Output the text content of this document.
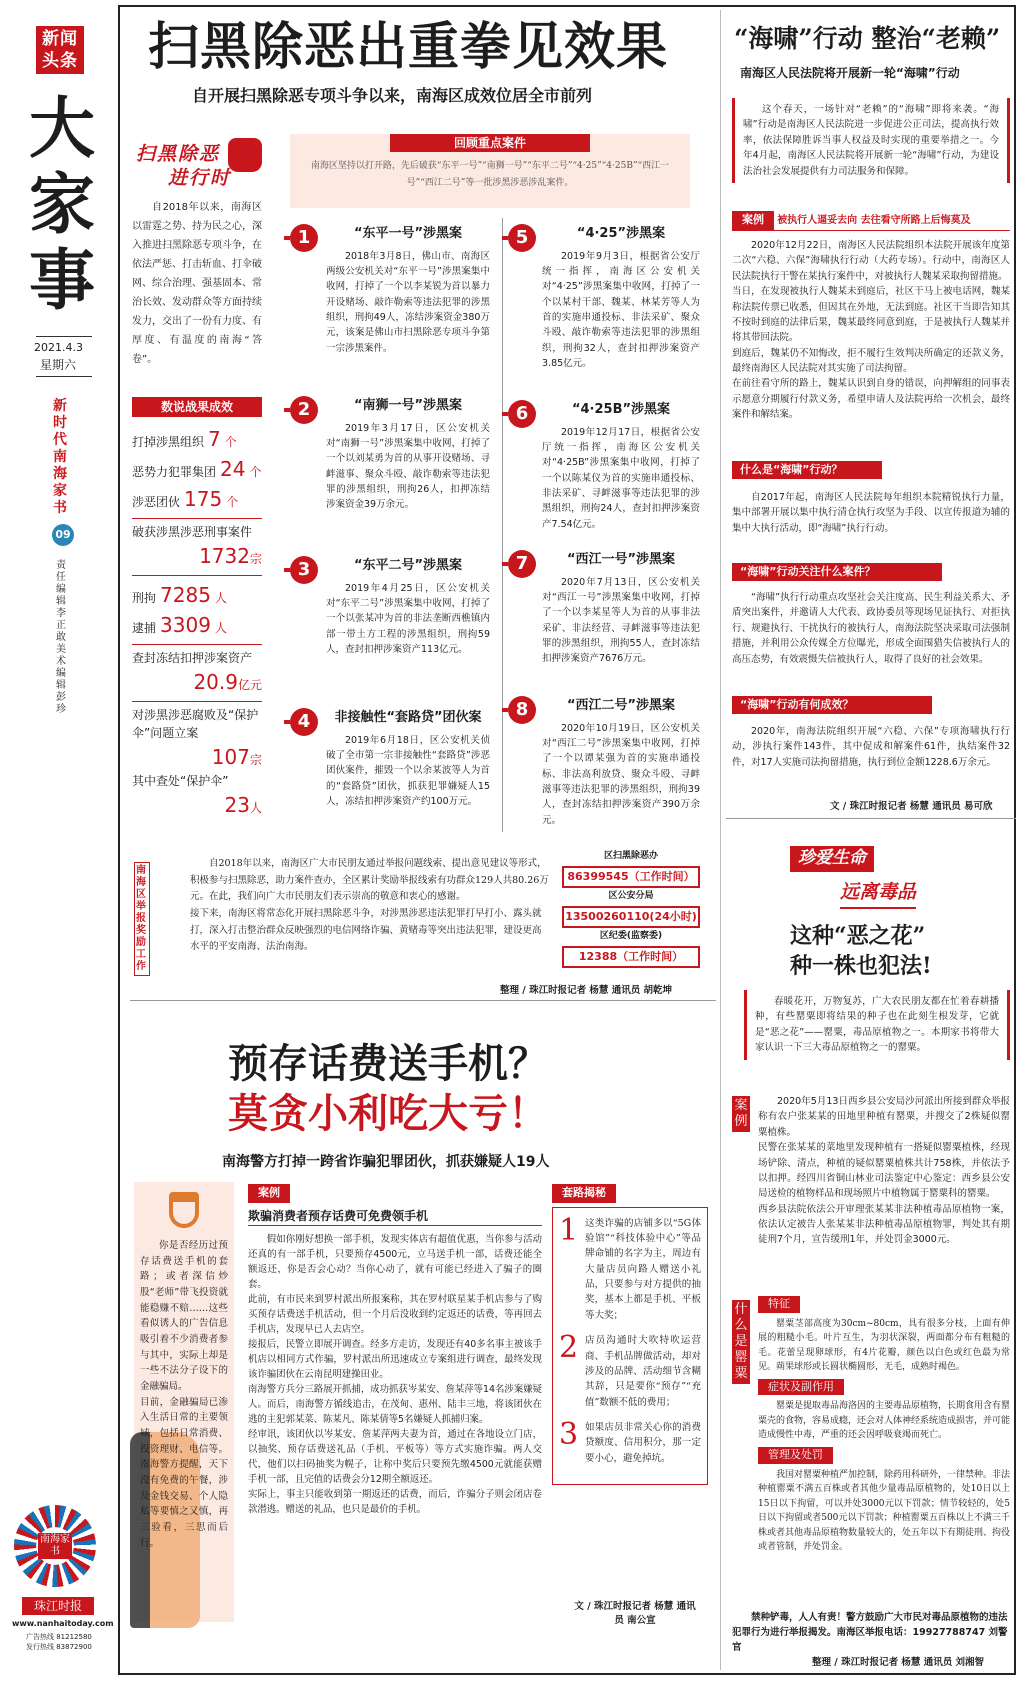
新闻头条
大
家
事
2021.4.3
星期六
新时代南海家书
09
责任编辑 李正敢 美术编辑 彭珍
南海家书
珠江时报
www.nanhaitoday.com
广告热线 81212580
发行热线 83872900
扫黑除恶出重拳见效果
自开展扫黑除恶专项斗争以来，南海区成效位居全市前列
扫黑除恶
进行时
自2018年以来，南海区以雷霆之势、持为民之心，深入推进扫黑除恶专项斗争，在依法严惩、打击斩血、打伞破网、综合治理、强基固本、常治长效、发动群众等方面持续发力，交出了一份有力度、有厚度、有温度的南海“答卷”。
数说战果成效
打掉涉黑组织 7 个
恶势力犯罪集团 24 个
涉恶团伙 175 个
破获涉黑涉恶刑事案件
1732宗
刑拘 7285 人
逮捕 3309 人
查封冻结扣押涉案资产
20.9亿元
对涉黑涉恶腐败及“保护伞”问题立案
107宗
其中查处“保护伞”
23人
回顾重点案件
南海区坚持以打开路，先后破获“东平一号”“南狮一号”“东平二号”“4·25”“4·25B”“西江一号”“西江二号”等一批涉黑涉恶涉乱案件。
1	“东平一号”涉黑案
2018年3月8日，佛山市、南海区两级公安机关对“东平一号”涉黑案集中收网，打掉了一个以李某锐为首以暴力开设赌场、敲诈勒索等违法犯罪的涉黑组织，刑拘49人，冻结涉案资金380万元，该案是佛山市扫黑除恶专项斗争第一宗涉黑案件。
2	“南狮一号”涉黑案
2019年3月17日，区公安机关对“南狮一号”涉黑案集中收网，打掉了一个以刘某勇为首的从事开设赌场、寻衅滋事、聚众斗殴、敲诈勒索等违法犯罪的涉黑组织，刑拘26人，扣押冻结涉案资金39万余元。
3	“东平二号”涉黑案
2019年4月25日，区公安机关对“东平二号”涉黑案集中收网，打掉了一个以张某冲为首的非法垄断西樵镇内部一带土方工程的涉黑组织，刑拘59人，查封扣押涉案资产113亿元。
4	非接触性“套路贷”团伙案
2019年6月18日，区公安机关侦破了全市第一宗非接触性“套路贷”涉恶团伙案件，摧毁一个以余某波等人为首的“套路贷”团伙，抓获犯罪嫌疑人15人，冻结扣押涉案资产约100万元。
5	“4·25”涉黑案
2019年9月3日，根据省公安厅统一指挥，南海区公安机关对“4·25”涉黑案集中收网，打掉了一个以某村干部、魏某、林某芳等人为首的实施串通投标、非法采矿、聚众斗殴、敲诈勒索等违法犯罪的涉黑组织，刑拘32人，查封扣押涉案资产3.85亿元。
6	“4·25B”涉黑案
2019年12月17日，根据省公安厅统一指挥，南海区公安机关对“4·25B”涉黑案集中收网，打掉了一个以陈某仪为首的实施串通投标、非法采矿、寻衅滋事等违法犯罪的涉黑组织，刑拘24人，查封扣押涉案资产7.54亿元。
7	“西江一号”涉黑案
2020年7月13日，区公安机关对“西江一号”涉黑案集中收网，打掉了一个以李某星等人为首的从事非法采矿、非法经营、寻衅滋事等违法犯罪的涉黑组织，刑拘55人，查封冻结扣押涉案资产7676万元。
8	“西江二号”涉黑案
2020年10月19日，区公安机关对“西江二号”涉黑案集中收网，打掉了一个以谭某强为首的实施串通投标、非法高利放贷、聚众斗殴、寻衅滋事等违法犯罪的涉黑组织，刑拘39人，查封冻结扣押涉案资产390万余元。
南海区举报奖励工作
自2018年以来，南海区广大市民朋友通过举报问题线索、提出意见建议等形式，积极参与扫黑除恶，助力案件查办，全区累计奖励举报线索有功群众129人共80.26万元。在此，我们向广大市民朋友们表示崇高的敬意和衷心的感谢。
接下来，南海区将常态化开展扫黑除恶斗争，对涉黑涉恶违法犯罪打早打小、露头就打，深入打击整治群众反映强烈的电信网络诈骗、黄赌毒等突出违法犯罪，建设更高水平的平安南海、法治南海。
区扫黑除恶办
86399545（工作时间）
区公安分局
13500260110(24小时)
区纪委(监察委)
12388（工作时间）
整理 / 珠江时报记者 杨慧 通讯员 胡乾坤
“海啸”行动 整治“老赖”
南海区人民法院将开展新一轮“海啸”行动
这个春天，一场针对“老赖”的“海啸”即将来袭。“海啸”行动是南海区人民法院进一步促进公正司法，提高执行效率，依法保障胜诉当事人权益及时实现的重要举措之一。今年4月起，南海区人民法院将开展新一轮“海啸”行动，为建设法治社会发展提供有力司法服务和保障。
案例 被执行人逼妥去向 去往看守所路上后悔莫及
2020年12月22日，南海区人民法院组织本法院开展该年度第二次“六稳、六保”海啸执行行动（大药专场）。行动中，南海区人民法院执行干警在某执行案件中，对被执行人魏某采取拘留措施。
当日，在发现被执行人魏某未到庭后，社区干马上被电话网，魏某称法院传票已收悉，但因其在外地，无法到庭。社区干当即告知其不按时到庭的法律后果，魏某最终同意到庭，于是被执行人魏某并将其带回法院。
到庭后，魏某仍不知悔改，拒不履行生效判决所确定的还款义务，最终南海区人民法院对其实施了司法拘留。
在前往看守所的路上，魏某认识到自身的错误，向押解组的同事表示愿意分期履行付款义务，希望申请人及法院再给一次机会，最终案件和解结案。
什么是“海啸”行动？
自2017年起，南海区人民法院每年组织本院精锐执行力量，集中部署开展以集中执行清仓执行攻坚为手段、以宣传报道为辅的集中大执行活动，即“海啸”执行行动。
“海啸”行动关注什么案件？
“海啸”执行行动重点攻坚社会关注度高、民生利益关系大、矛盾突出案件，并邀请人大代表、政协委员等现场见证执行、对拒执行、规避执行、干扰执行的被执行人，南海法院坚决采取司法强制措施，并利用公众传媒全方位曝光，形成全面围猎失信被执行人的高压态势，有效震慑失信被执行人，取得了良好的社会效果。
“海啸”行动有何成效？
2020年，南海法院组织开展“六稳、六保”专项海啸执行行动，涉执行案件143件，其中促成和解案件61件，执结案件32件，对17人实施司法拘留措施，执行到位金额1228.6万余元。
文 / 珠江时报记者 杨慧 通讯员 易可欣
珍爱生命
远离毒品
这种“恶之花”
种一株也犯法!
春暖花开，万物复苏，广大农民朋友都在忙着春耕播种，有些罂粟即将结果的种子也在此刻生根发芽，它就是“恶之花”——罂粟，毒品原植物之一。本期家书将带大家认识一下三大毒品原植物之一的罂粟。
案例
2020年5月13日西乡县公安局沙河派出所接到群众举报称有农户张某某的田地里种植有罂粟，并搜交了2株疑似罂粟植株。
民警在张某某的菜地里发现种植有一搭疑似罂粟植株，经现场铲除、清点，种植的疑似罂粟植株共计758株，并依法予以扣押。经四川省铜山林业司法鉴定中心鉴定：西乡县公安局送检的植物样品和现场照片中植物属于罂粟科的罂粟。
西乡县法院依法公开审理张某某非法种植毒品原植物一案，依法认定被告人张某某非法种植毒品原植物罪，判处其有期徒刑7个月，宣告缓刑1年，并处罚金3000元。
什么是罂粟
特征
罂粟茎部高度为30cm~80cm，具有很多分枝，上面有伸展的粗糙小毛。叶片互生，为羽状深裂，两面都分布有粗糙的毛。花蕾呈现卵球形，有4片花瓣，颜色以白色或红色最为常见。蒴果球形或长圆状椭圆形，无毛，成熟时褐色。
症状及副作用
罂粟是提取毒品海洛因的主要毒品原植物，长期食用含有罂粟壳的食物，容易成瘾，还会对人体神经系统造成损害，并可能造成慢性中毒，严重的还会因呼吸衰竭而死亡。
管理及处罚
我国对罂粟种植严加控制，除药用科研外，一律禁种。非法种植罂粟不满五百株或者其他少量毒品原植物的，处10日以上15日以下拘留，可以并处3000元以下罚款；情节较轻的，处5日以下拘留或者500元以下罚款；种植罂粟五百株以上不满三千株或者其他毒品原植物数量较大的，处五年以下有期徒刑、拘役或者管制，并处罚金。
禁种铲毒，人人有责！警方鼓励广大市民对毒品原植物的违法犯罪行为进行举报揭发。南海区举报电话：19927788747 刘警官
整理 / 珠江时报记者 杨慧 通讯员 刘湘智
预存话费送手机？
莫贪小利吃大亏！
南海警方打掉一跨省诈骗犯罪团伙，抓获嫌疑人19人
你是否经历过预存话费送手机的套路；或者深信炒股“老师”带飞投资就能稳赚不赔……这些看似诱人的广告信息吸引着不少消费者参与其中，实际上却是一些不法分子设下的金融骗局。
目前，金融骗局已渗入生活日常的主要领域，包括日常消费、投资理财、电信等。南海警方提醒，天下没有免费的午餐，涉及金钱交易、个人隐私等要慎之又慎，再三验看，三思而后行。
案例
欺骗消费者预存话费可免费领手机
假如你刚好想换一部手机，发现实体店有超值优惠，当你参与活动还真的有一部手机，只要预存4500元，立马送手机一部，话费还能全额返还，你是否会心动？当你心动了，就有可能已经进入了骗子的圈套。
此前，有市民来到罗村派出所报案称，其在罗村联星某手机店参与了购买预存话费送手机活动，但一个月后没收到约定返还的话费，等再回去手机店，发现早已人去店空。
接报后，民警立即展开调查。经多方走访，发现还有40多名事主被该手机店以相同方式作骗，罗村派出所迅速成立专案组进行调查，最终发现该诈骗团伙在云南昆明建操田业。
南海警方兵分三路展开抓捕，成功抓获岑某安、詹某萍等14名涉案嫌疑人。而后，南海警方循线追击，在茂甸、惠州、陆丰三地，将该团伙在逃的主犯郭某菜、陈某凡、陈某倩等5名嫌疑人抓捕归案。
经审讯，该团伙以岑某安、詹某萍两夫妻为首，通过在各地设立门店，以抽奖、预存话费送礼品（手机、平板等）等方式实施诈骗。两人交代，他们以扫码抽奖为幌子，让称中奖后只要预先缴4500元就能获赠手机一部，且完值的话费会分12期全额返还。
实际上，事主只能收到第一期返还的话费，而后，诈骗分子则会闭店卷款潜逃。赠送的礼品，也只是最价的手机。
套路揭秘
1 这类诈骗的店铺多以“5G体验馆”“科技体验中心”等品牌命铺的名字为主，周边有大量店员向路人赠送小礼品，只要参与对方提供的抽奖，基本上都是手机、平板等大奖；
2 店员沟通时大吹特吹运营商、手机品牌做活动，却对涉及的品牌、活动细节含糊其辞，只是要你“预存”“充值”数额不低的费用；
3 如果店员非常关心你的消费贷额度、信用积分，那一定要小心，避免掉坑。
文 / 珠江时报记者 杨慧 通讯员 南公宣
